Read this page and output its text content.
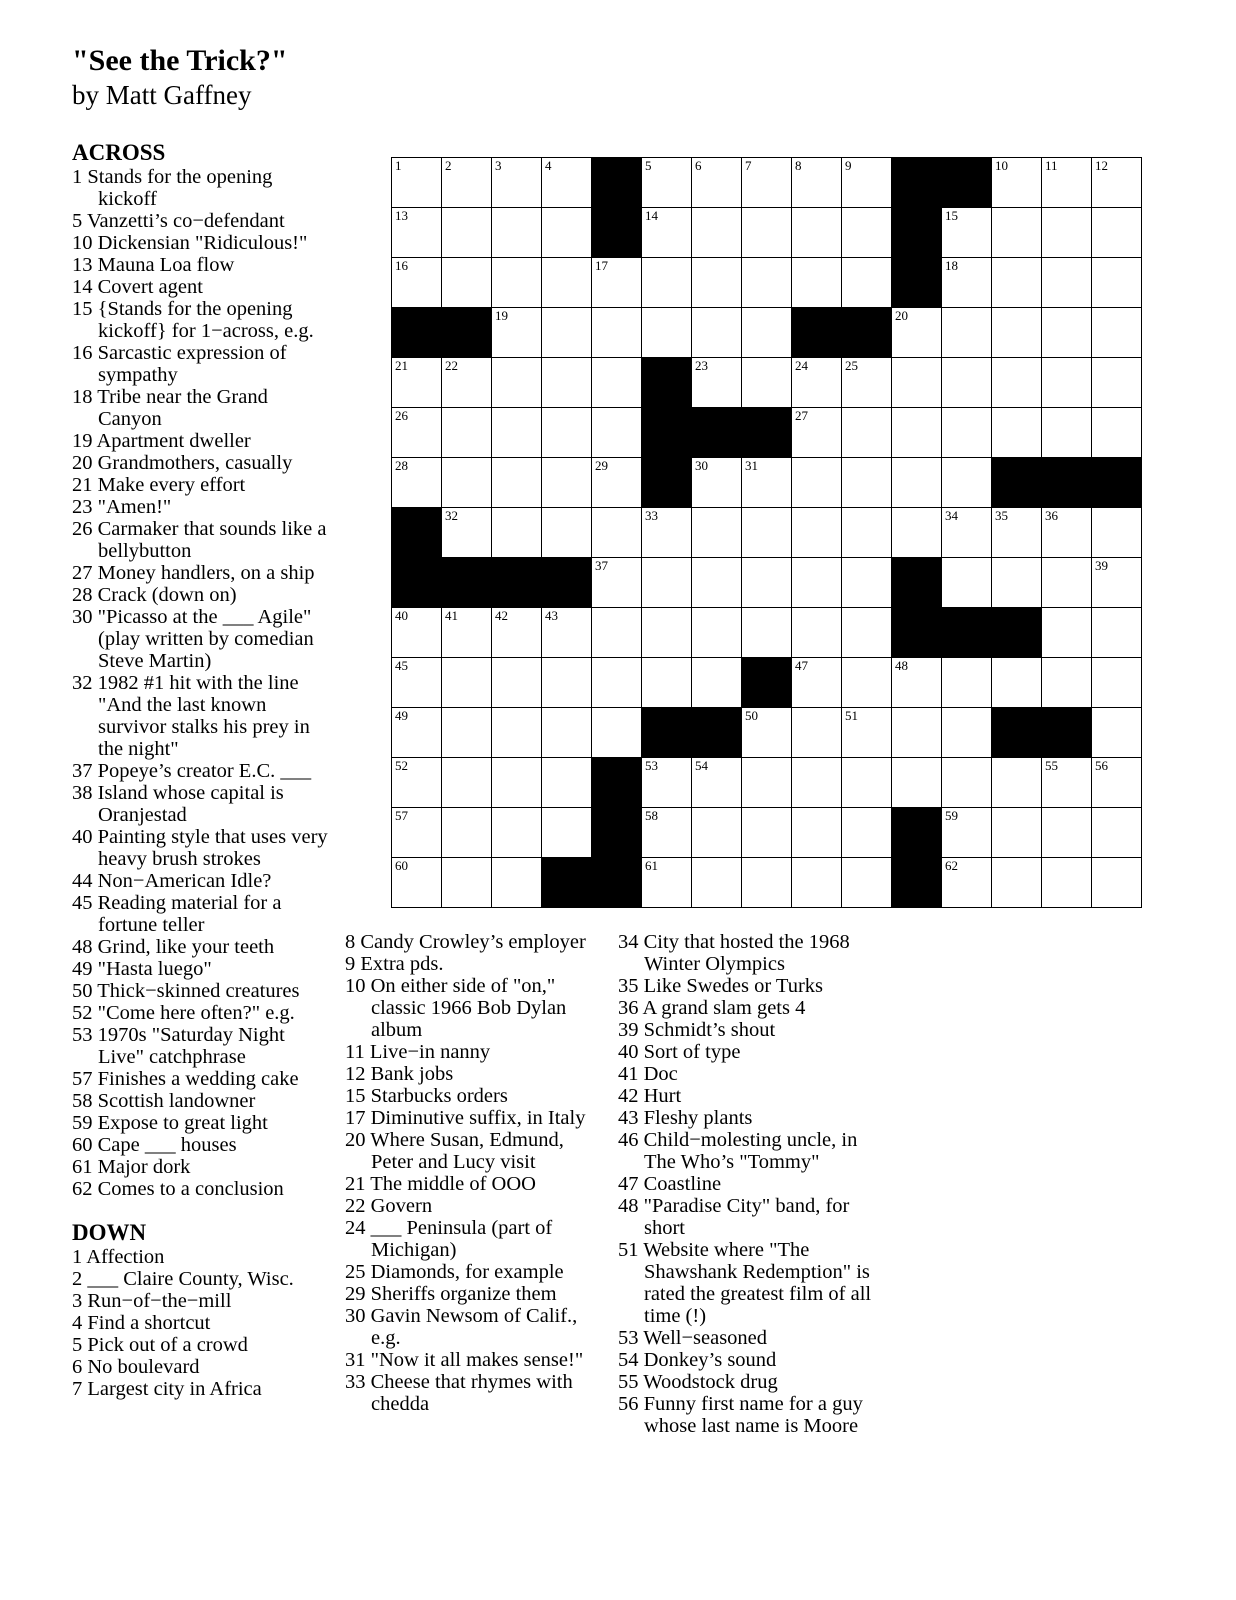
"See the Trick?"
by Matt Gaffney
ACROSS
1 Stands for the opening kickoff
5 Vanzetti’s co−defendant
10 Dickensian "Ridiculous!"
13 Mauna Loa flow
14 Covert agent
15 {Stands for the opening kickoff} for 1−across, e.g.
16 Sarcastic expression of sympathy
18 Tribe near the Grand Canyon
19 Apartment dweller
20 Grandmothers, casually
21 Make every effort
23 "Amen!"
26 Carmaker that sounds like a bellybutton
27 Money handlers, on a ship
28 Crack (down on)
30 "Picasso at the ___ Agile" (play written by comedian Steve Martin)
32 1982 #1 hit with the line "And the last known survivor stalks his prey in the night"
37 Popeye’s creator E.C. ___
38 Island whose capital is Oranjestad
40 Painting style that uses very heavy brush strokes
44 Non−American Idle?
45 Reading material for a fortune teller
48 Grind, like your teeth
49 "Hasta luego"
50 Thick−skinned creatures
52 "Come here often?" e.g.
53 1970s "Saturday Night Live" catchphrase
57 Finishes a wedding cake
58 Scottish landowner
59 Expose to great light
60 Cape ___ houses
61 Major dork
62 Comes to a conclusion
DOWN
1 Affection
2 ___ Claire County, Wisc.
3 Run−of−the−mill
4 Find a shortcut
5 Pick out of a crowd
6 No boulevard
7 Largest city in Africa
8 Candy Crowley’s employer
9 Extra pds.
10 On either side of "on," classic 1966 Bob Dylan album
11 Live−in nanny
12 Bank jobs
15 Starbucks orders
17 Diminutive suffix, in Italy
20 Where Susan, Edmund, Peter and Lucy visit
21 The middle of OOO
22 Govern
24 ___ Peninsula (part of Michigan)
25 Diamonds, for example
29 Sheriffs organize them
30 Gavin Newsom of Calif., e.g.
31 "Now it all makes sense!"
33 Cheese that rhymes with chedda
34 City that hosted the 1968 Winter Olympics
35 Like Swedes or Turks
36 A grand slam gets 4
39 Schmidt’s shout
40 Sort of type
41 Doc
42 Hurt
43 Fleshy plants
46 Child−molesting uncle, in The Who’s "Tommy"
47 Coastline
48 "Paradise City" band, for short
51 Website where "The Shawshank Redemption" is rated the greatest film of all time (!)
53 Well−seasoned
54 Donkey’s sound
55 Woodstock drug
56 Funny first name for a guy whose last name is Moore
1	2	3	4	5	6	7	8	9	10	11	12
13	14	15
16	17	18
19	20
21	22	23	24	25
26	27
28	29	30	31
32	33	34	35	36
37	39
40	41	42	43
45	47	48
49	50	51
52	53	54	55	56
57	58	59
60	61	62
